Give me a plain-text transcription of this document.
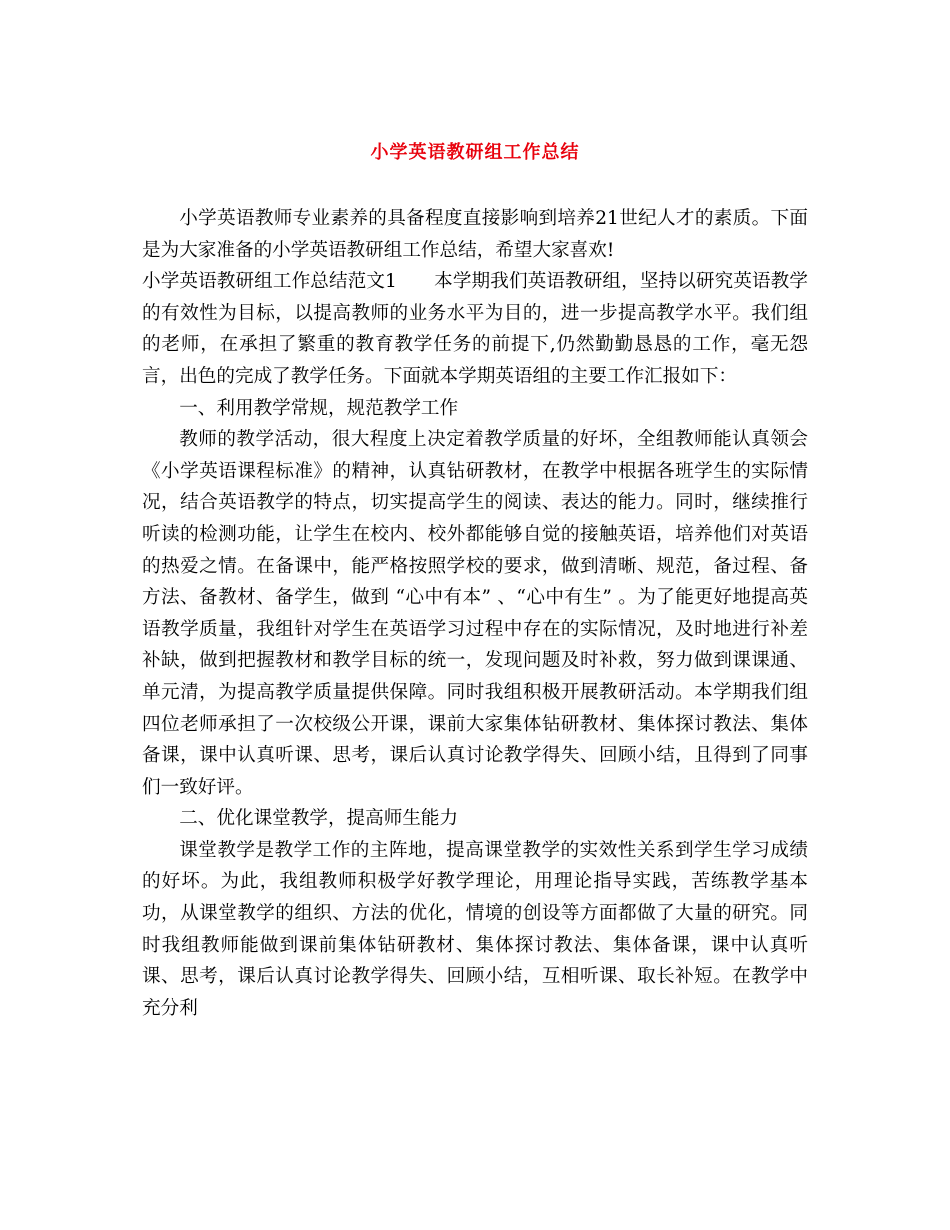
小学英语教研组工作总结

小学英语教师专业素养的具备程度直接影响到培养21世纪人才的素质。下面是为大家准备的小学英语教研组工作总结，希望大家喜欢!

小学英语教研组工作总结范文1 本学期我们英语教研组，坚持以研究英语教学的有效性为目标，以提高教师的业务水平为目的，进一步提高教学水平。我们组的老师，在承担了繁重的教育教学任务的前提下,仍然勤勤恳恳的工作，毫无怨言，出色的完成了教学任务。下面就本学期英语组的主要工作汇报如下：

一、利用教学常规，规范教学工作

教师的教学活动，很大程度上决定着教学质量的好坏，全组教师能认真领会《小学英语课程标准》的精神，认真钻研教材，在教学中根据各班学生的实际情况，结合英语教学的特点，切实提高学生的阅读、表达的能力。同时，继续推行听读的检测功能，让学生在校内、校外都能够自觉的接触英语，培养他们对英语的热爱之情。在备课中，能严格按照学校的要求，做到清晰、规范，备过程、备方法、备教材、备学生，做到 “心中有本” 、“心中有生” 。为了能更好地提高英语教学质量，我组针对学生在英语学习过程中存在的实际情况，及时地进行补差补缺，做到把握教材和教学目标的统一，发现问题及时补救，努力做到课课通、单元清，为提高教学质量提供保障。同时我组积极开展教研活动。本学期我们组四位老师承担了一次校级公开课，课前大家集体钻研教材、集体探讨教法、集体备课，课中认真听课、思考，课后认真讨论教学得失、回顾小结，且得到了同事们一致好评。

二、优化课堂教学，提高师生能力

课堂教学是教学工作的主阵地，提高课堂教学的实效性关系到学生学习成绩的好坏。为此，我组教师积极学好教学理论，用理论指导实践，苦练教学基本功，从课堂教学的组织、方法的优化，情境的创设等方面都做了大量的研究。同时我组教师能做到课前集体钻研教材、集体探讨教法、集体备课，课中认真听课、思考，课后认真讨论教学得失、回顾小结，互相听课、取长补短。在教学中充分利
